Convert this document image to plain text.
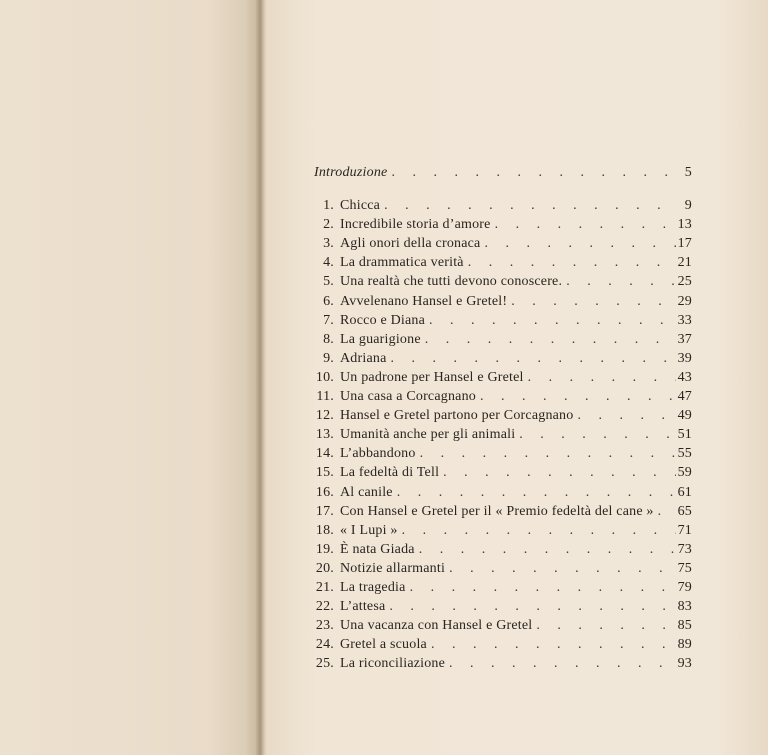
Introduzione . . .	5
1. Chicca . . .	9
2. Incredibile storia d’amore . . .	13
3. Agli onori della cronaca . . .	17
4. La drammatica verità . . .	21
5. Una realtà che tutti devono conoscere. . . .	25
6. Avvelenano Hansel e Gretel! . . .	29
7. Rocco e Diana . . .	33
8. La guarigione . . .	37
9. Adriana . . .	39
10. Un padrone per Hansel e Gretel . . .	43
11. Una casa a Corcagnano . . .	47
12. Hansel e Gretel partono per Corcagnano . . .	49
13. Umanità anche per gli animali . . .	51
14. L’abbandono . . .	55
15. La fedeltà di Tell . . .	59
16. Al canile . . .	61
17. Con Hansel e Gretel per il « Premio fedeltà del cane » . . . 65
18. « I Lupi » . . .	71
19. È nata Giada . . .	73
20. Notizie allarmanti . . .	75
21. La tragedia . . .	79
22. L’attesa . . .	83
23. Una vacanza con Hansel e Gretel . . .	85
24. Gretel a scuola . . .	89
25. La riconciliazione . . .	93
